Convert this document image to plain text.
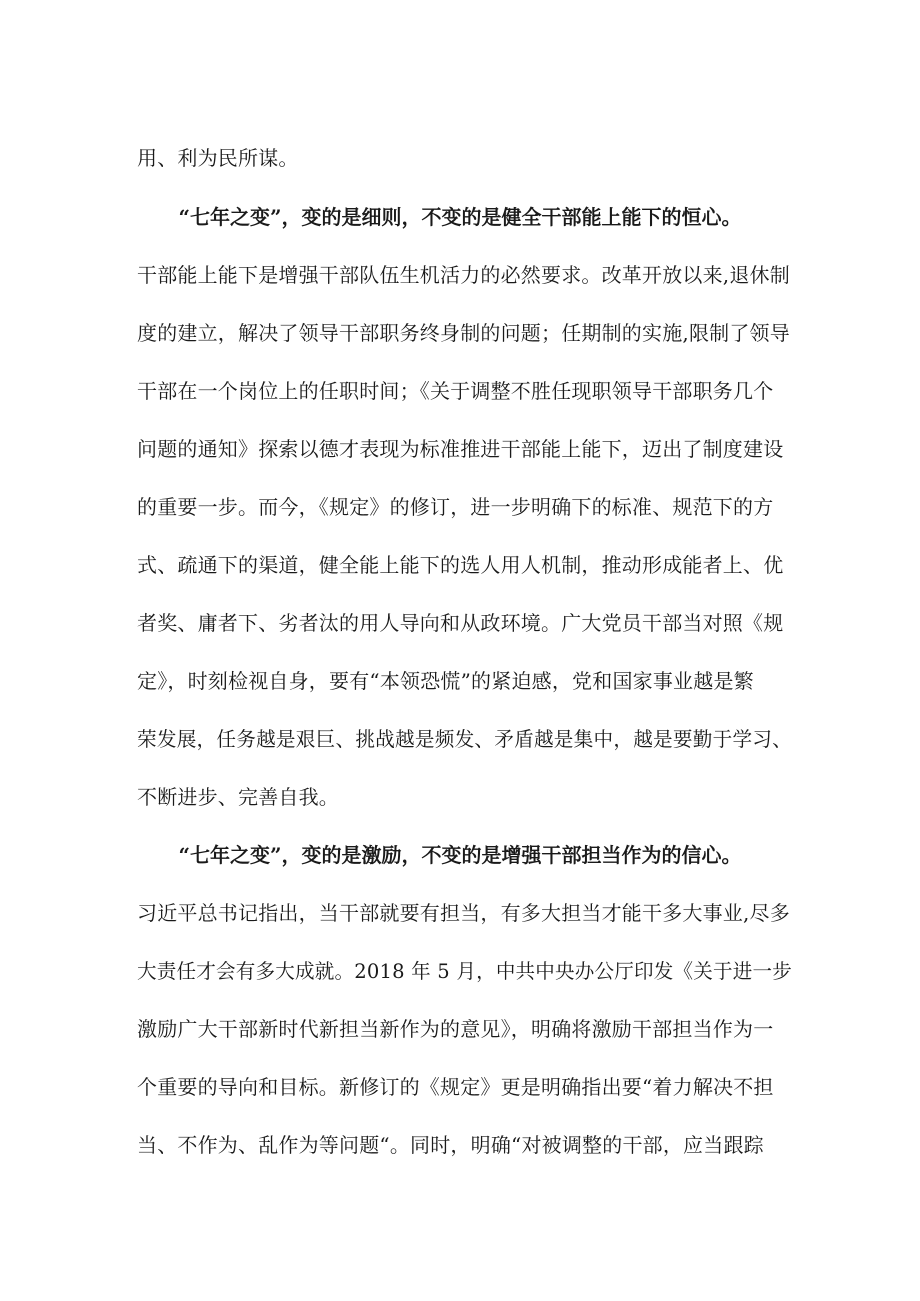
用、利为民所谋。
“七年之变”，变的是细则，不变的是健全干部能上能下的恒心。
干部能上能下是增强干部队伍生机活力的必然要求。改革开放以来,退休制
度的建立，解决了领导干部职务终身制的问题；任期制的实施,限制了领导
干部在一个岗位上的任职时间；《关于调整不胜任现职领导干部职务几个
问题的通知》探索以德才表现为标准推进干部能上能下，迈出了制度建设
的重要一步。而今，《规定》的修订，进一步明确下的标准、规范下的方
式、疏通下的渠道，健全能上能下的选人用人机制，推动形成能者上、优
者奖、庸者下、劣者汰的用人导向和从政环境。广大党员干部当对照《规
定》，时刻检视自身，要有“本领恐慌”的紧迫感，党和国家事业越是繁
荣发展，任务越是艰巨、挑战越是频发、矛盾越是集中，越是要勤于学习、
不断进步、完善自我。
“七年之变”，变的是激励，不变的是增强干部担当作为的信心。
习近平总书记指出，当干部就要有担当，有多大担当才能干多大事业,尽多
大责任才会有多大成就。2018 年 5 月，中共中央办公厅印发《关于进一步
激励广大干部新时代新担当新作为的意见》，明确将激励干部担当作为一
个重要的导向和目标。新修订的《规定》更是明确指出要“着力解决不担
当、不作为、乱作为等问题“。同时，明确“对被调整的干部，应当跟踪
